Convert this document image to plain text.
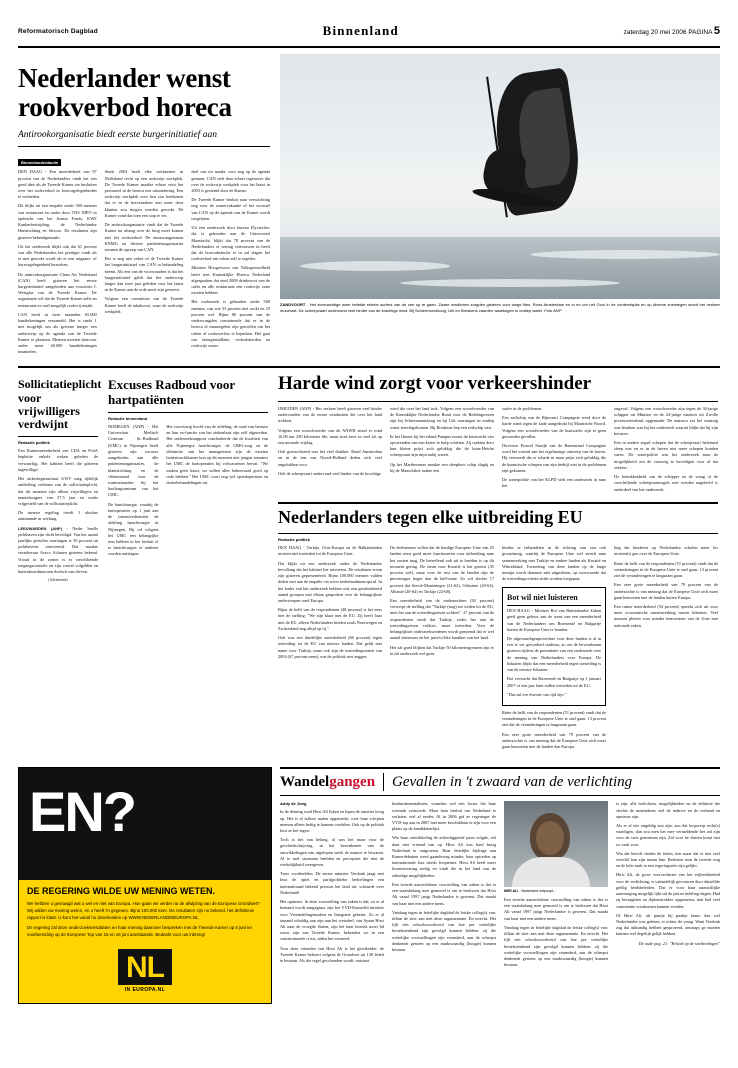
Reformatorisch Dagblad	Binnenland	zaterdag 20 mei 2006 PAGINA 5
Nederlander wenst rookverbod horeca
Antirookorganisatie biedt eerste burgerinitiatief aan
Binnenlandredactie

DEN HAAG - Een meerderheid van 97 procent van de Nederlanders vindt het een goed idee als de Tweede Kamer toe besluiten over het rookverbod in horecagelegenheden te verbieden.

Dit blijkt uit een enquête onder 300 mensen van restaurant en onder door TNS NIPO in opdracht van het Astma Fonds, KWF Kankerbestrijding, de Nederlandse Hartstichting en Stivoro. De resultaten zijn gisteren bekendgemaakt.

Uit het onderzoek blijkt ook dat 61 procent van alle Nederlanders het prettiger vindt als er niet gerookt wordt als er een uitgaans- of horecagelegenheid bezoeken.

De antirookorganisatie Clean Air Nederland (CAN) heeft gisteren het eerste burgerinitiatief aangeboden aan voorzitter J. Weisglas van de Tweede Kamer. De organisatie wil dat de Tweede Kamer zelfs en restaurants zo snel mogelijk rookvrij maakt.

CAN heeft in twee maanden 65.000 handtekeningen verzameld. Het is sinds 1 mei mogelijk om als gewone burger een onderwerp op de agenda van de Tweede Kamer te plaatsen. Mensen moeten daarvoor onder meer 40.000 handtekeningen inzamelen.

Sinds 2004 heeft elke werknemer in Nederland recht op een rookvrije werkplek. De Tweede Kamer maakte echter voor het personeel in de horeca een uitzondering. Een rookvrije werkplek voor hen zou betekenen dat er in de horecazaken niet meer door klanten zou mogen worden gerookt. De Kamer vond dat toen een stap te ver.

De antirookorganisatie vindt dat de Tweede Kamer nu alsnog over de brug moet komen met het rookverbod. De armzwangersman KNMG en diverse patiëntenorganisaties steunen de oproep van CAN.

Het is nog niet zeker of de Tweede Kamer het burgerinitiatief van CAN in behandeling neemt. Als een van de voorwaarden is dat het burgerinitiatief geldt dat het onderwerp langer dan twee jaar geleden voor het laatst in de Kamer aan de orde moet zijn geweest.

Volgens een commissie van de Tweede Kamer heeft de tabakswet, waar de rookvrije werkplek

deel van uit maakt, voor nog op de agenda gestaan. CAN stelt daar echter tegenover dat over de rookvrije werkplek voor het laatst in 2003 is gestemd door de Kamer.

De Tweede Kamer besluit naar verwachting nog voor de zomervakantie of het voorstel van CAN op de agenda van de Kamer wordt toegelaten.

Uit een onderzoek door bureau Flycatcher, dat is gehouden aan de Universiteit Maastricht, blijkt dat 70 procent van de Nederlanders er weinig vertrouwen in heeft dat de horecabranche er in zal slagen het rookverbod van roken zelf te regelen.

Minister Hoogervorst van Volksgezondheid heeft met Koninklijke Horeca Nederland afgesproken dat eind 2008 drinkvoort van de cafés en alle restaurants een rookvrije zone moeten hebben.

Het onderzoek is gehouden onder 500 mensen, van wie 53 procent niet rookt en 23 procent wel. Bijna 80 procent van de ondervraagden constateerde dat er in de horeca al maatregelen zijn getroffen om het roken of rookoverlast te beperken. Het gaat om afzuiginstallatie, verbodsborden en rookvrije zones.

ZANDVOORT - Het stormachtige weer betekte enkele surfers van de zee op te gaan. Zware windkoten zorgden gisteren voor lange files. Rond Amsterdam en in en om het Gooi in de ochtendspits en op diverse snelwegen stond het verkeer muurvast. De scheepvaart ondervond veel hinder van de krachtige wind. Bij Schiermonnikoog, Urk en Breskens vaarden waartuigen in ondiep water. Foto ANP
Sollicitatieplicht voor vrijwilligers verdwijnt
Redactie politiek

Een Kamermeerderheid van CDA en PvdA bepleitte enkele weken geleden de verwaarlijg. Het kabinet heeft die gisteren ingewilligd.

Het uitkeringsinstituut UWV mag tijdelijk ontheffing verlenen van de sollicitatieplicht, dat dit moment zijn alleen vrijwilligers en mantelzorgers van 57,5 jaar en ouder vrijgesteld van de sollicitatieplicht.

De nieuwe regeling treedt 1 oktober aanstaande in werking.

LEEUWARDEN (ANP) - Nader Snelle jachthaven zijn dicht beveiligd. Van het aantal jaarlijks gestolen vaartuigen is 50 procent uit jachthavens ontvreemd. Dat maakte verzekeraar Aveco Achmea gisteren bekend. Vooral in de zomer is er onvoldoende toegangscontrole en zijn vooral volgelden en buitenboordmotoren doelwit van dieven.

(Advertentie)

Excuses Radboud voor hartpatiënten
Redactie binnenland

NIJMEGEN (ANP) - Het Universitair Medisch Centrum St.-Radboud (UMC) in Nijmegen heeft gisteren zijn excuses aangeboden aan alle patiëntenorganisaties, de klantstichting en de cliëntenraad voor de wantoestanden bij het hartlongcentrum van het UMC.

De hartchirurgie, waarbij de hartoperaties op 1 juni aan de intensivediensten de afdeling hartchirurgie in Nijmegen. Bij od volgens het UMC een belangrijke rem hebben in het besluit of te hartchirurgen of anderen worden ontslagen.

Het voortvarig hoofd van de afdeling, de raad van bestuur en hun ex-functie van het ziekenhuis zijn zelf afgetreden. Het onderzoeksrapport concludeerde dat de kwaliteit van alle Nijmeegse hartchirurgie, de OMG-zorg en de disfunctie van het management zijn de moeten buitenwachtkamer kon op dit moment niet jongen wanneer het UMC de hartoperaties bij volwassenen hervat. "We maken geen haast, we willen alles beheersaad goed op orde hebben." Het UMC voert nog wel spoedoperaties en dotterbehandelingen uit.

Harde wind zorgt voor verkeershinder

IJMUIDEN (ANP) - Het verkeer heeft gisteren veel hinder ondervonden van de zware windstoten die over het land trokken.

Volgens een woordvoerder van de ANWB stond er rond 16.00 uur 230 kilometer file, maar twee keer zo veel als op een normale vrijdag.

Ook giststochtend was het veel drukker. Rond Amsterdam en in de test van Noord-Holland deden zich veel ongelukken voor.

Ook de scheepvaart ondervond veel hinder van de krachtige

wind die over het land trok. Volgens een woordvoerder van de Koninklijke Nederlandse Bond voor de Reddingwezen zijn bij Schiermonnikoog en bij Urk vaartuigen in ondiep water terechtgekomen. Bij Breskens liep een zeilschip vast.

In het IJmeer bij het eiland Pampus moest de kustwacht vier opvarenden van een kotter te hulp schieten. Zij raakten door hun kleine prijst zich gelukkig die de kuns-Heiche scheepvaart zijn mijn nabij waren.

Op het Marthermeer maakte een sleepboot schip slagtij en bij de Maasvlakte raakte een

surfer in de problemen.

Een zeilschip van de Rijnvaart Compagnie werd door de harde wind tegen de kade aangedrukt bij Maastricht-Noord. Volgens een woordvoerder van de kustwacht zijn er geen gewonden gevallen.

Directeur Pruwel Struijk van de Rannnetaal Compagnie werd het voertal aan het regelmatige ontwerp van de haven. Hij vermoedt dat er schade in maar prijst zich gelukkig die de kunstrische schepen van zijn bedrijf niet in de problemen zijn gekomen.

De waterpolitie van het KLPD stelt een onderzoek in naar het

ongeval. Volgens een woordvoerder zijn tegen de 30-jarige schipper uit Münster en de 24-jarige matroos uit Zwolle processenverbaal opgemaakt. De matroos zat het vaartuig wat dronken was bij het onderzoek waaruit blijkt dat hij zijn bevaren.

Een in andere stapel schepen dat de scheepvaart helemaal sleep was en er in de haven niet meer schepen konden varen. De waterpolitie was het onderzoek naar de mogelijkheid om de vaarweg te beveiligen voor al dat verkeer.

De betrokkenheid van de schipper en de vraag of de verschillende scheepvaartregels niet werden nageleefd is onderdeel van het onderzoek.

Nederlanders tegen elke uitbreiding EU
Redactie politiek

DEN HAAG - Turkije, Oost-Europa en de Balkanlanden moeten niet toetreden tot de Europese Unie.

Dat blijkt uit een onderzoek onder de Nederlandse bevolking dat het kabinet liet uitvoeren. De resultaten ervan zijn gisteren gepresenteerd. Bijna 100.000 mensen vulden deden met aan de enquête via www.nederlandineuropa.nl. In het kader van het onderzoek hebben ook een gesubsidieerd aantal groepen met elkaar gesproken over de belangrijkste onderwerpen rond Europa.

Bijna de helft van de respondenten (48 procent) is het eens met de stelling: "We zijn klaar met de EU. Zij heeft haar met de EU, alleen Nederlanders binden zoals Noorwegen en Zwitserland nog altijd op rij."

Ook was een duidelijke meerderheid (66 procent) tegen toetreding tot de EU van nieuwe landen. Dat geldt met name voor Turkije, maar ook zijn de toetredingsstaten van 2004 (67 procent neen), wat de politiek niet zeggen.

De deelnemers willen dat de huidige Europese Unie van 25 landen eerst goed moet functioneren voor uitbreiding naar het oosten mag. De betreffend ook uit te breiden is op dit moment gering. De steun voor Kroatië is het grootst (35 procent wel), maar over de rest van de landen zijn de percentages hoger dan de half-mate. Zo wil slechts 17 procent dat Servië-Montenegro (21-62), Oekraïne (20-64), Albanië (20-64) en Turkije (22-68).

Een meerderheid van de onderzochten (92 procent) verwerpt de stelling dat "Turkije (nog) toe treden tot de EU, mits het aan de toetredingseisen voldoet". 27 procent van de respondenten vindt dat Turkije, zodra het aan de toetredingseisen voldoet, moet toetreden. Voor de belangrijkste onderzoeksredenen wordt genoemd dat er wel aantal interesses en het juist-to-like karakter van het land.

Het zal goed blijken dat Turkije 50 kilometergrenzen zijn er in dit onderzoek wel geen

binden te behandelen in de richting van een ook grootzinnig, waarbij de Europese Unie wel streeft naar samenwerking met Turkije en andere landen als Kroatië en Wittrekland. Toetreding van deze landen op de lange termijn wordt daarmee niet uitgesloten, op voorwaarde dat de toetredingscriteria strikt worden toegepast.

Bot wil niet luisteren

DEN HAAG - Minister Bot van Buitenlandse Zaken geeft geen gehoor aan de wens van een meerderheid van de Nederlanders om Roemenië en Bulgarije buiten de Europese Unie te houden.

De afgevaardigenprocedure voor deze landen is al in een te ver gevorderd stadium, zo zei de bewindsman gisteren tijdens de presentatie van een onderzoek over de mening van Nederlanders over Europa. De lidstaten blijkt dat een meerderheid tegen toetreding is van de nieuwe lidstaten.

Bot verwacht dat Roemenië en Bulgarije op 1 januari 2007 of een jaar later zullen toetreden tot de EU.

"Dat zal een kwestie van tijd zijn."

Rutte de helft van de respondenten (51 procent) vindt dat de veranderingen in de Europese Unie te snel gaan. 13 procent ziet dat de veranderingen te langzaam gaan.

Een zeer grote meerderheid van 79 procent van de onderzochte is van mening dat de Europese Unie zich moet gaan bemoeien met de landen dan Europa.

ling dat kinderen op Nederlandse scholen meer les moeten(s) gen over de Europese Unie.

Rutte de helft van de respondenten (51 procent) vindt dat de veranderingen in de Europese Unie te snel gaan. 13 procent ziet de veranderingen te langzaam gaan.

Een zeer grote meerderheid van 79 procent van de onderzochte is van mening dat de Europese Unie zich moet gaan bemoeien met de landen buiten Europa.

Een ruime meerderheid (54 procent) spreekt zich uit voor meer economische samenwerking tussen lidstaten. Veel mensen pleiten voor minder bemoeienis van de Unie met nationale zaken.

EN?
DE REGERING WILDE UW MENING WETEN.
We hebben u gevraagd wat u wel en niet van Europa. Hoe gaan we verder na de afwijzing van de Europese Grondwet? Wij wilden uw mening weten, en u heeft 'm gegeven. Bijna 100.000 keer. De resultaten zijn nu bekend, het definitieve rapport is klaar. U kunt het vanaf nu downloaden op WWW.NEDERLANDINEUROPA.NL
De regering zal deze onderzoeksresultaten en haar mening daarover bespreken met de Tweede Kamer op 8 juni ter voorbereiding op de Europese Top van 15 en 16 juni aanstaande. Bedankt voor uw inbreng!
NL
IN EUROPA.NL
Wandelgangen Gevallen in 't zwaard van de verlichting
Addy de Jong

In de deining rond Hirsi Ali lijken en lopen de emoties hoog op. Het is al talloze malen opgemerkt: over haar schijnen mensen alleen heftig te kunnen oordelen. Ook op de politiek kost ze het tegen.

Toch is het van belang, al was het maar voor de geschiedschrijving, in het bezonkenen van de ontwikkelingen van afgelopen week de nuance te bewaren. Al te snel stoomam beelden en percepties die niet de werkelijkheid weergeven.

Twee voorbeelden. De eerste minister Verdonk jaagt met kwa de opiet en partijpolitieke bedoelingen een internationaal bekend persoon het land uit; scheurde over Nederland!

Het opnieuw: ik deze voorstelling van zaken is dat, zo er al bemand wordt aangegaan, zijn het VVD-Kamerlid minister voor Vreemdelingenzaken en Integratie gebeurt. Zo er al iemand schuldig aan zijn aan het wetsdeel, van Ayaan Hirsi Ali naar de vroegde Staten, zijn het haar bezoek moet lid worst zijn van Tweede Kamer, bekenden we in een constitutionele crisis, alden het vermoed.

Voor deze vrienden van Hirsi Ali is het gloeikelder: de Tweede Kamer behoort volgens de Grondwet uit 130 ledelt te bestaan. Als die regel geschonden wordt, ontstaat

limfundamentalisten, vormden wel een factor die haar wermuk vermoede. Maar haar besluit om Nederland te verlaten, viel al eerder. Al in 2006 gaf ze regeringer de VVD-top aan in 2007 niet meer beschikbaar te zijn voor een plaats op de kandidatenlijst.

Wie haar ontwikkeling de achterliggende jaren volgde, telt daar niet vreemd van op. Hirsi Ali was hard bezig Nederland te ontgroeien. Haar feitelijke bijdrage aan Kamerdebatten werd gaandeweg minder, haar optreden op internationale fora steeds frequenter. Hirsi Ali heeft meer levenservaring nodig en vindt die in het land van de onbedige mogelijkheden.

Een tweede aanvechtbare voorstelling van zaken is dat er een staatsbelang mee gemoeid is om te beslissen dat Hirsi Ali vanaf 1997 jarigi Nederlandse is geweest. Dat maakt van haar niet een andere mens.

Vandaag tegen in feitelijke dagblad de leiske colleg(s) van: tillian de stier aan met deze argumentatie. En terecht. Het fijlt een schoolwoordwerd van hoe per wettelijke bestekstenkend zijn gevolgd kunnen hebben: zij die wettelijke voorstellingen zijn veranderd, aan de scherpst denkende gesteen op een marktwaardig (hoogte) kunnen bestaan.

MIRI ALI - Nederland ontpoopt...

Een tweede aanvechtbare voorstelling van zaken is dat er een staatsbelang mee gemoeid is om te beslissen dat Hirsi Ali vanaf 1997 jarigi Nederlandse is geweest. Dat maakt van haar niet een andere mens.

Vandaag tegen in feitelijke dagblad de leiske colleg(s) van: tillian de stier aan met deze argumentatie. En terecht. Het fijlt een schoolwoordwerd van hoe per wettelijke bestekstenkend zijn gevolgd kunnen hebben: zij die wettelijke voorstellingen zijn veranderd, aan de scherpst denkende gesteen op een marktwaardig (hoogte) kunnen bestaan.

is zijn, alle beslolsten, mogelijkheden en de definitie die slechts de menstekens viel de indirect en de verband en opnieuw zijn.

Als er al iets ongeldig zou zijn, zou dat loopwerp recht(s) vaardigen, dan zou men het mee vermeldende het zal zijn voor de steis genoemen zijn. Zal wort be sluiten komt niet zo vaak voor.

Wat dat betreft vinden de feiten, tien maar dat er niet veel verschil kan zijn tussen hun. Beslisten toen de tweede weg en de hele zaak in een regeringsreis zijn gelijkt.

Hirsi Ali, de grote voorvechtster van het vrijheidsbeleid voor de verlichting, is uiteindelijk gevouwen door datzelfde geldig heidsbeleiden. Dat er voor haar naaswillijke aanvaarging mogelijk lijkt uit de jaeren indeling-dagen. Had zij beraaghten en dijdenstrekker opgemeten, dan had veel commentie voorkomen kunnen worden.

Of Hirsi Ali, als puntje bij paaltje komt, dan wel Nederlandse was geleren, is echter de vraag. Want Verdonk zag dat uitkundig hebben gesproeerd, ontsnapt ge moeten kunnen wel degelijk gelijk hebben.

De oude pag. 21: "Kritiek op de sneltredingen"
